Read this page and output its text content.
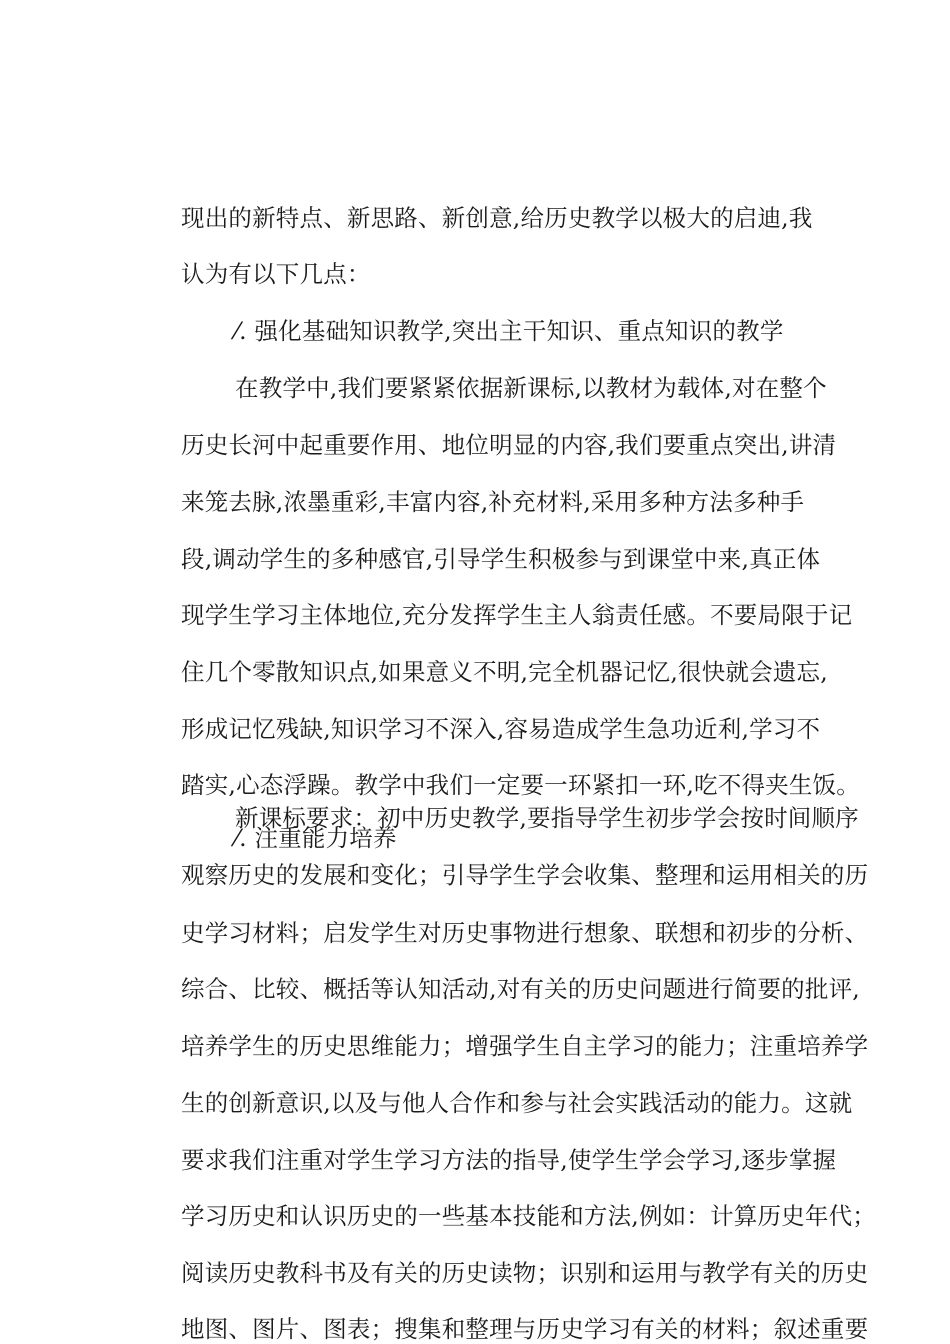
现出的新特点、新思路、新创意,给历史教学以极大的启迪,我
认为有以下几点：
⁄. 强化基础知识教学,突出主干知识、重点知识的教学
在教学中,我们要紧紧依据新课标,以教材为载体,对在整个
历史长河中起重要作用、地位明显的内容,我们要重点突出,讲清
来笼去脉,浓墨重彩,丰富内容,补充材料,采用多种方法多种手
段,调动学生的多种感官,引导学生积极参与到课堂中来,真正体
现学生学习主体地位,充分发挥学生主人翁责任感。不要局限于记
住几个零散知识点,如果意义不明,完全机器记忆,很快就会遗忘,
形成记忆残缺,知识学习不深入,容易造成学生急功近利,学习不
踏实,心态浮躁。教学中我们一定要一环紧扣一环,吃不得夹生饭。
新课标要求：初中历史教学,要指导学生初步学会按时间顺序
⁄. 注重能力培养
观察历史的发展和变化；引导学生学会收集、整理和运用相关的历
史学习材料；启发学生对历史事物进行想象、联想和初步的分析、
综合、比较、概括等认知活动,对有关的历史问题进行简要的批评,
培养学生的历史思维能力；增强学生自主学习的能力；注重培养学
生的创新意识,以及与他人合作和参与社会实践活动的能力。这就
要求我们注重对学生学习方法的指导,使学生学会学习,逐步掌握
学习历史和认识历史的一些基本技能和方法,例如：计算历史年代；
阅读历史教科书及有关的历史读物；识别和运用与教学有关的历史
地图、图片、图表；搜集和整理与历史学习有关的材料；叙述重要
